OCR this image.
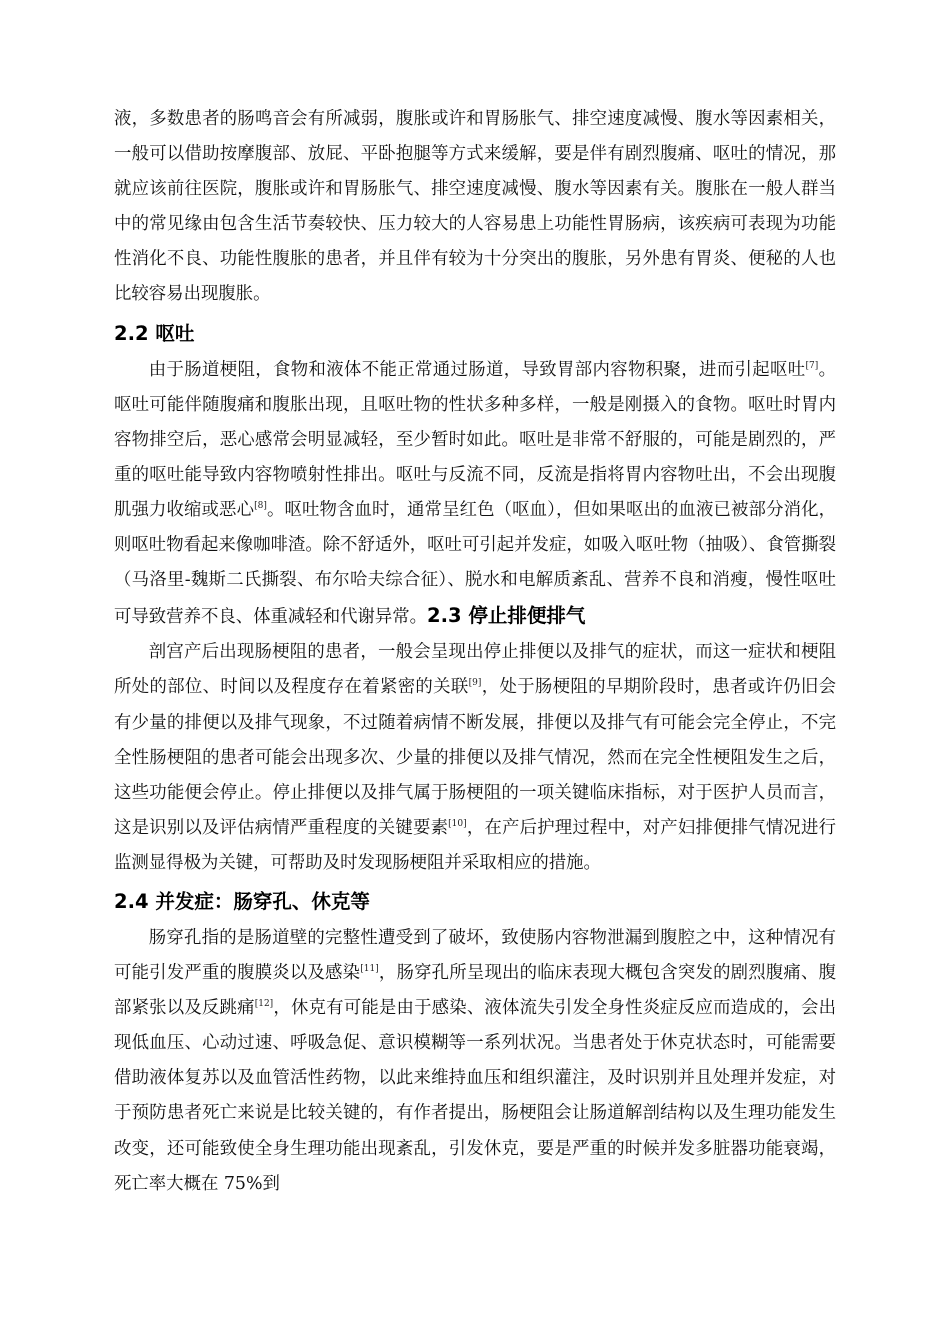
液，多数患者的肠鸣音会有所减弱，腹胀或许和胃肠胀气、排空速度减慢、腹水等因素相关，一般可以借助按摩腹部、放屁、平卧抱腿等方式来缓解，要是伴有剧烈腹痛、呕吐的情况，那就应该前往医院，腹胀或许和胃肠胀气、排空速度减慢、腹水等因素有关。腹胀在一般人群当中的常见缘由包含生活节奏较快、压力较大的人容易患上功能性胃肠病，该疾病可表现为功能性消化不良、功能性腹胀的患者，并且伴有较为十分突出的腹胀，另外患有胃炎、便秘的人也比较容易出现腹胀。

2.2 呕吐

由于肠道梗阻，食物和液体不能正常通过肠道，导致胃部内容物积聚，进而引起呕吐[7]。呕吐可能伴随腹痛和腹胀出现，且呕吐物的性状多种多样，一般是刚摄入的食物。呕吐时胃内容物排空后，恶心感常会明显减轻，至少暂时如此。呕吐是非常不舒服的，可能是剧烈的，严重的呕吐能导致内容物喷射性排出。呕吐与反流不同，反流是指将胃内容物吐出，不会出现腹肌强力收缩或恶心[8]。呕吐物含血时，通常呈红色（呕血），但如果呕出的血液已被部分消化，则呕吐物看起来像咖啡渣。除不舒适外，呕吐可引起并发症，如吸入呕吐物（抽吸）、食管撕裂（马洛里-魏斯二氏撕裂、布尔哈夫综合征）、脱水和电解质紊乱、营养不良和消瘦，慢性呕吐可导致营养不良、体重减轻和代谢异常。2.3 停止排便排气

剖宫产后出现肠梗阻的患者，一般会呈现出停止排便以及排气的症状，而这一症状和梗阻所处的部位、时间以及程度存在着紧密的关联[9]，处于肠梗阻的早期阶段时，患者或许仍旧会有少量的排便以及排气现象，不过随着病情不断发展，排便以及排气有可能会完全停止，不完全性肠梗阻的患者可能会出现多次、少量的排便以及排气情况，然而在完全性梗阻发生之后，这些功能便会停止。停止排便以及排气属于肠梗阻的一项关键临床指标，对于医护人员而言，这是识别以及评估病情严重程度的关键要素[10]，在产后护理过程中，对产妇排便排气情况进行监测显得极为关键，可帮助及时发现肠梗阻并采取相应的措施。

2.4 并发症：肠穿孔、休克等

肠穿孔指的是肠道壁的完整性遭受到了破坏，致使肠内容物泄漏到腹腔之中，这种情况有可能引发严重的腹膜炎以及感染[11]，肠穿孔所呈现出的临床表现大概包含突发的剧烈腹痛、腹部紧张以及反跳痛[12]，休克有可能是由于感染、液体流失引发全身性炎症反应而造成的，会出现低血压、心动过速、呼吸急促、意识模糊等一系列状况。当患者处于休克状态时，可能需要借助液体复苏以及血管活性药物，以此来维持血压和组织灌注，及时识别并且处理并发症，对于预防患者死亡来说是比较关键的，有作者提出，肠梗阻会让肠道解剖结构以及生理功能发生改变，还可能致使全身生理功能出现紊乱，引发休克，要是严重的时候并发多脏器功能衰竭，死亡率大概在 75%到
